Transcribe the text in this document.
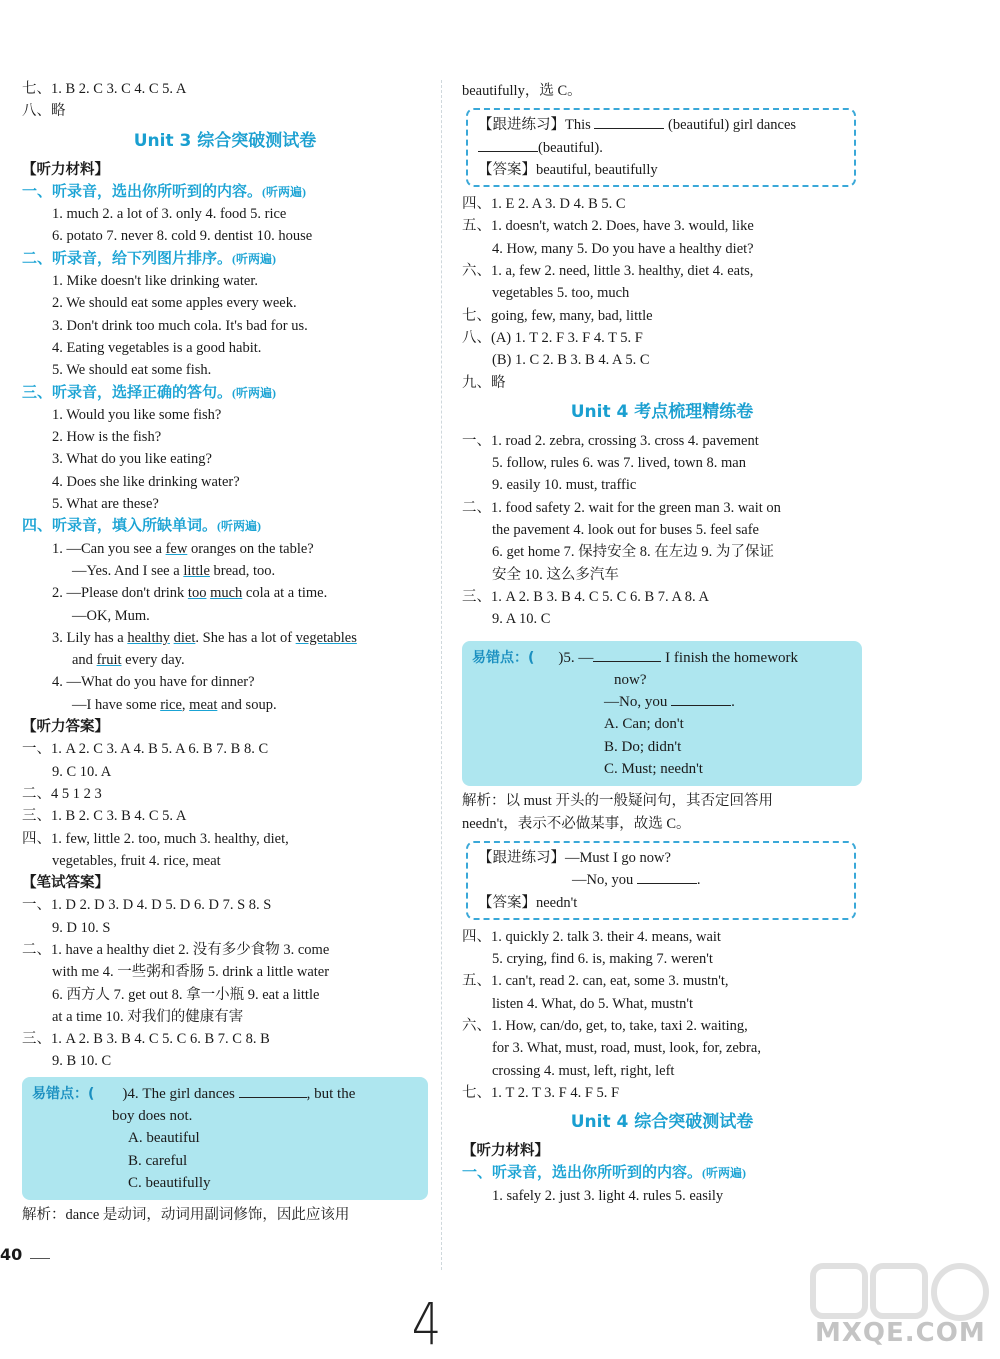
七、1. B 2. C 3. C 4. C 5. A
八、略
Unit 3 综合突破测试卷
【听力材料】
一、听录音，选出你所听到的内容。(听两遍)
1. much 2. a lot of 3. only 4. food 5. rice
6. potato 7. never 8. cold 9. dentist 10. house
二、听录音，给下列图片排序。(听两遍)
1. Mike doesn't like drinking water.
2. We should eat some apples every week.
3. Don't drink too much cola. It's bad for us.
4. Eating vegetables is a good habit.
5. We should eat some fish.
三、听录音，选择正确的答句。(听两遍)
1. Would you like some fish?
2. How is the fish?
3. What do you like eating?
4. Does she like drinking water?
5. What are these?
四、听录音，填入所缺单词。(听两遍)
1. —Can you see a few oranges on the table?
—Yes. And I see a little bread, too.
2. —Please don't drink too much cola at a time.
—OK, Mum.
3. Lily has a healthy diet. She has a lot of vegetables
and fruit every day.
4. —What do you have for dinner?
—I have some rice, meat and soup.
【听力答案】
一、1. A 2. C 3. A 4. B 5. A 6. B 7. B 8. C
9. C 10. A
二、4 5 1 2 3
三、1. B 2. C 3. B 4. C 5. A
四、1. few, little 2. too, much 3. healthy, diet,
vegetables, fruit 4. rice, meat
【笔试答案】
一、1. D 2. D 3. D 4. D 5. D 6. D 7. S 8. S
9. D 10. S
二、1. have a healthy diet 2. 没有多少食物 3. come
with me 4. 一些粥和香肠 5. drink a little water
6. 西方人 7. get out 8. 拿一小瓶 9. eat a little
at a time 10. 对我们的健康有害
三、1. A 2. B 3. B 4. C 5. C 6. B 7. C 8. B
9. B 10. C
易错点：( )4. The girl dances	, but the
boy does not.
A. beautiful
B. careful
C. beautifully
解析：dance 是动词，动词用副词修饰，因此应该用
beautifully，选 C。
【跟进练习】This	(beautiful) girl dances
(beautiful).
【答案】beautiful, beautifully
四、1. E 2. A 3. D 4. B 5. C
五、1. doesn't, watch 2. Does, have 3. would, like
4. How, many 5. Do you have a healthy diet?
六、1. a, few 2. need, little 3. healthy, diet 4. eats,
vegetables 5. too, much
七、going, few, many, bad, little
八、(A) 1. T 2. F 3. F 4. T 5. F
(B) 1. C 2. B 3. B 4. A 5. C
九、略
Unit 4 考点梳理精练卷
一、1. road 2. zebra, crossing 3. cross 4. pavement
5. follow, rules 6. was 7. lived, town 8. man
9. easily 10. must, traffic
二、1. food safety 2. wait for the green man 3. wait on
the pavement 4. look out for buses 5. feel safe
6. get home 7. 保持安全 8. 在左边 9. 为了保证
安全 10. 这么多汽车
三、1. A 2. B 3. B 4. C 5. C 6. B 7. A 8. A
9. A 10. C
易错点：( )5. —	I finish the homework
now?
—No, you	.
A. Can; don't
B. Do; didn't
C. Must; needn't
解析：以 must 开头的一般疑问句，其否定回答用
needn't，表示不必做某事，故选 C。
【跟进练习】—Must I go now?
—No, you	.
【答案】needn't
四、1. quickly 2. talk 3. their 4. means, wait
5. crying, find 6. is, making 7. weren't
五、1. can't, read 2. can, eat, some 3. mustn't,
listen 4. What, do 5. What, mustn't
六、1. How, can/do, get, to, take, taxi 2. waiting,
for 3. What, must, road, must, look, for, zebra,
crossing 4. must, left, right, left
七、1. T 2. T 3. F 4. F 5. F
Unit 4 综合突破测试卷
【听力材料】
一、听录音，选出你所听到的内容。(听两遍)
1. safely 2. just 3. light 4. rules 5. easily
40
4	MXQE.COM
